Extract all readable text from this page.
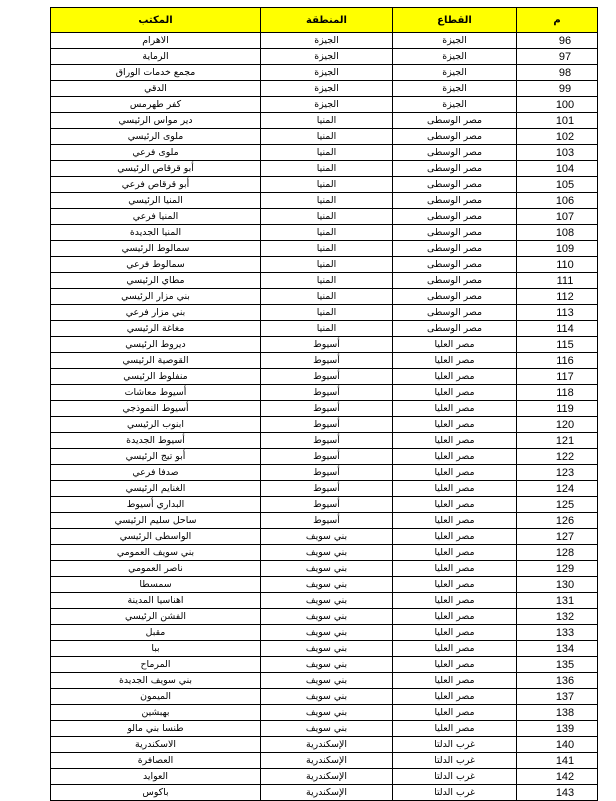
المكتب	المنطقة	القطاع	م
الاهرام	الجيزة	الجيزة	96
الرماية	الجيزة	الجيزة	97
مجمع خدمات الوراق	الجيزة	الجيزة	98
الدقي	الجيزة	الجيزة	99
كفر طهرمس	الجيزة	الجيزة	100
دير مواس الرئيسي	المنيا	مصر الوسطى	101
ملوى الرئيسي	المنيا	مصر الوسطى	102
ملوى فرعي	المنيا	مصر الوسطى	103
أبو قرقاص الرئيسي	المنيا	مصر الوسطى	104
أبو قرقاص فرعي	المنيا	مصر الوسطى	105
المنيا الرئيسي	المنيا	مصر الوسطى	106
المنيا فرعي	المنيا	مصر الوسطى	107
المنيا الجديدة	المنيا	مصر الوسطى	108
سمالوط الرئيسي	المنيا	مصر الوسطى	109
سمالوط فرعي	المنيا	مصر الوسطى	110
مطاي الرئيسي	المنيا	مصر الوسطى	111
بني مزار الرئيسي	المنيا	مصر الوسطى	112
بني مزار فرعي	المنيا	مصر الوسطى	113
مغاغة الرئيسي	المنيا	مصر الوسطى	114
ديروط الرئيسي	أسيوط	مصر العليا	115
القوصية الرئيسي	أسيوط	مصر العليا	116
منفلوط الرئيسي	أسيوط	مصر العليا	117
أسيوط معاشات	أسيوط	مصر العليا	118
أسيوط النموذجي	أسيوط	مصر العليا	119
ابنوب الرئيسي	أسيوط	مصر العليا	120
أسيوط الجديدة	أسيوط	مصر العليا	121
أبو تيج الرئيسي	أسيوط	مصر العليا	122
صدفا فرعي	أسيوط	مصر العليا	123
الغنايم الرئيسي	أسيوط	مصر العليا	124
البداري أسيوط	أسيوط	مصر العليا	125
ساحل سليم الرئيسي	أسيوط	مصر العليا	126
الواسطى الرئيسي	بني سويف	مصر العليا	127
بني سويف العمومي	بني سويف	مصر العليا	128
ناصر العمومي	بني سويف	مصر العليا	129
سمسطا	بني سويف	مصر العليا	130
اهناسيا المدينة	بني سويف	مصر العليا	131
الفشن الرئيسي	بني سويف	مصر العليا	132
مقبل	بني سويف	مصر العليا	133
ببا	بني سويف	مصر العليا	134
المرماح	بني سويف	مصر العليا	135
بني سويف الجديدة	بني سويف	مصر العليا	136
الميمون	بني سويف	مصر العليا	137
بهبشين	بني سويف	مصر العليا	138
طنسا بني مالو	بني سويف	مصر العليا	139
الاسكندرية	الإسكندرية	غرب الدلتا	140
العصافرة	الإسكندرية	غرب الدلتا	141
العوايد	الإسكندرية	غرب الدلتا	142
باكوس	الإسكندرية	غرب الدلتا	143
